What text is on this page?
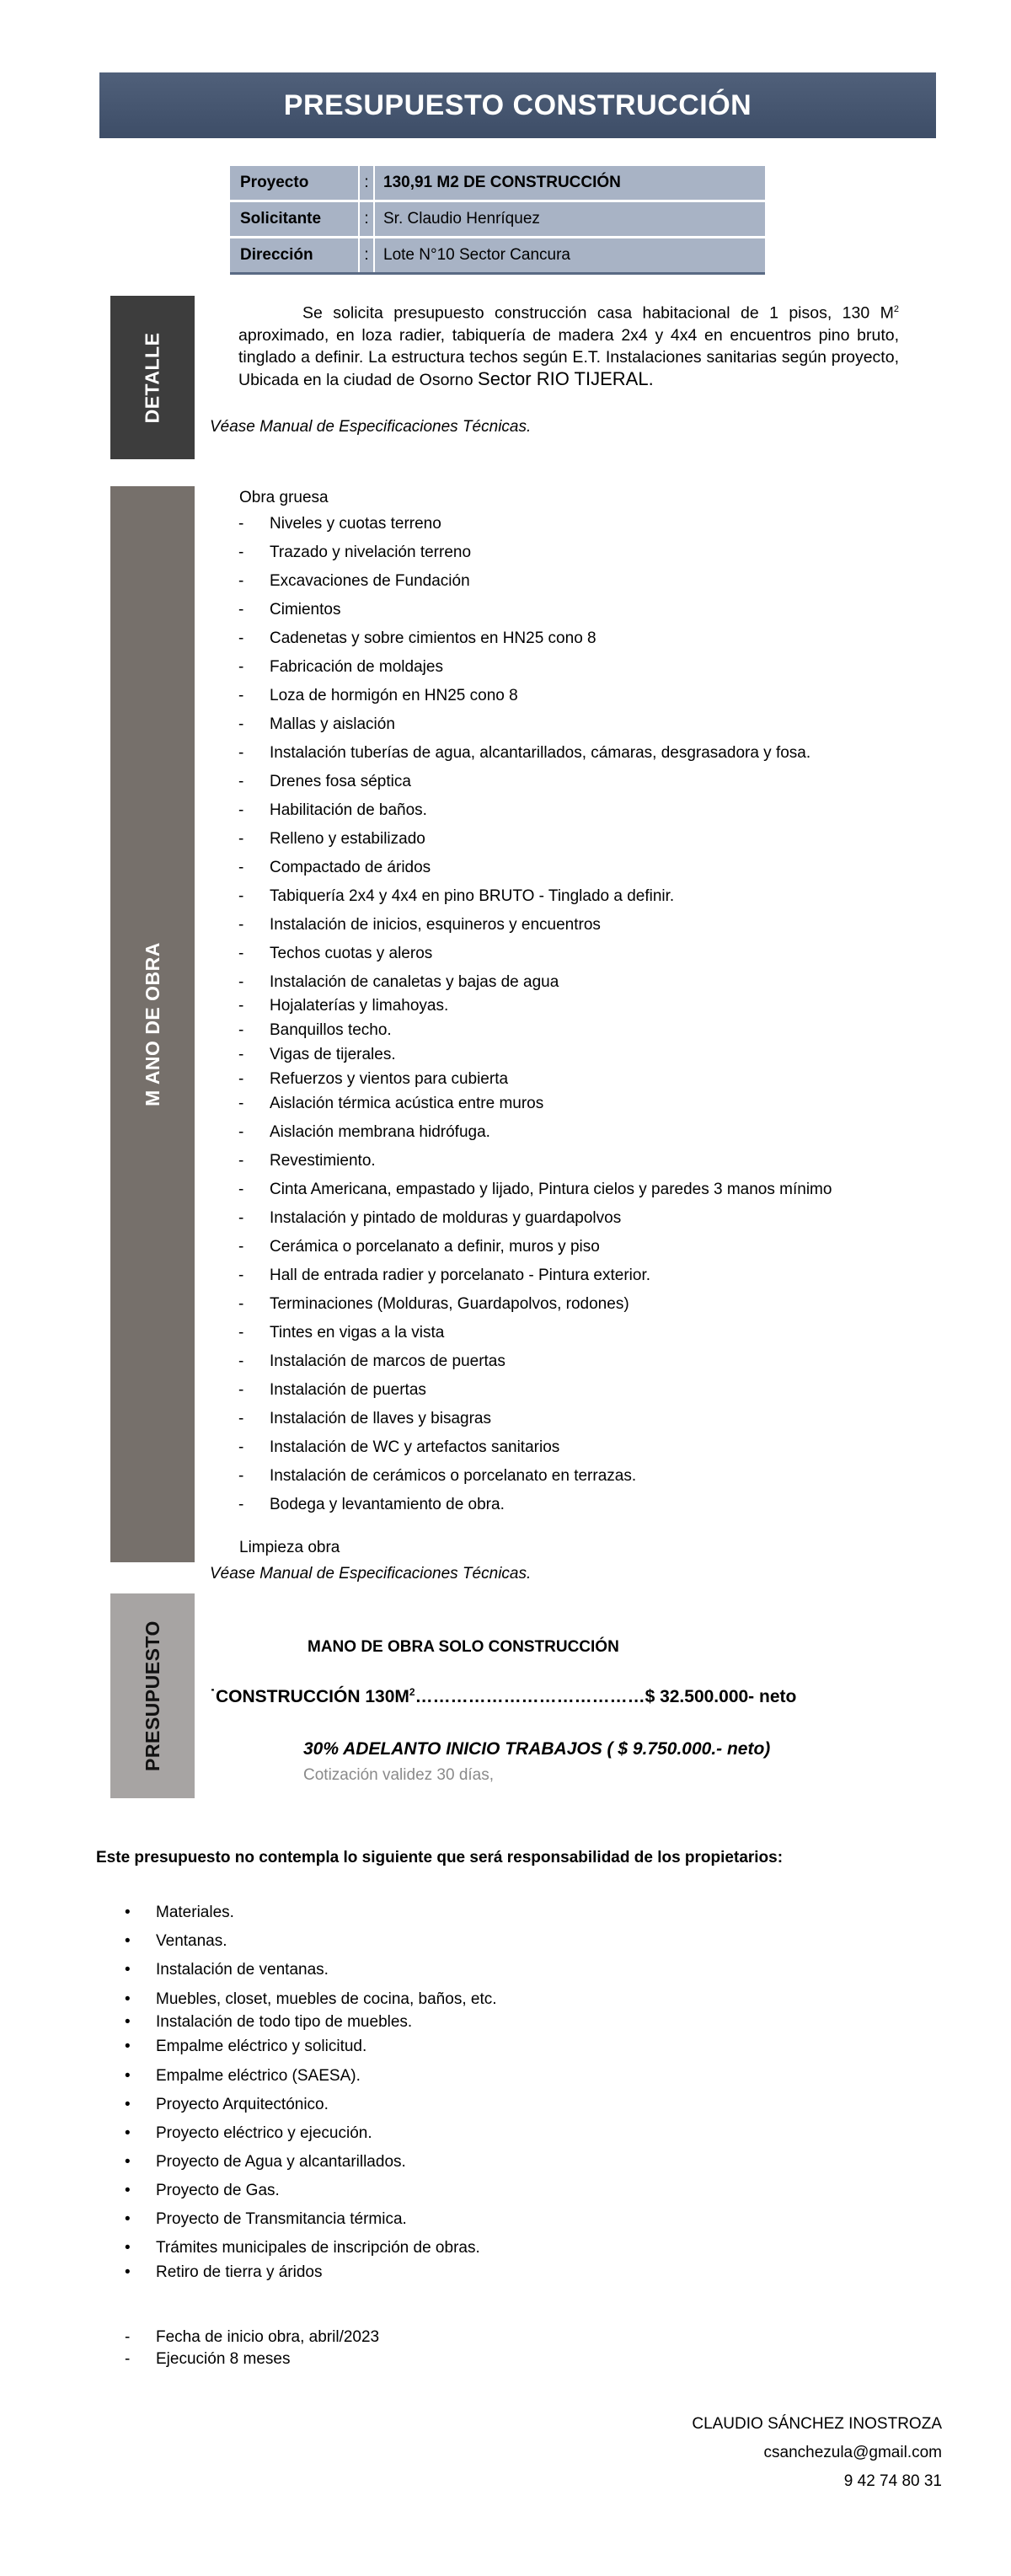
PRESUPUESTO CONSTRUCCIÓN
Proyecto	:	130,91 M2 DE CONSTRUCCIÓN
Solicitante	:	Sr. Claudio Henríquez
Dirección	:	Lote N°10 Sector Cancura
DETALLE
Se solicita presupuesto construcción casa habitacional de 1 pisos, 130 $M^2$ aproximado, en loza radier, tabiquería de madera 2x4 y 4x4 en encuentros pino bruto, tinglado a definir. La estructura techos según E.T. Instalaciones sanitarias según proyecto, Ubicada en la ciudad de Osorno Sector RIO TIJERAL.
Véase Manual de Especificaciones Técnicas.
M ANO DE OBRA
Obra gruesa
- Niveles y cuotas terreno
- Trazado y nivelación terreno
- Excavaciones de Fundación
- Cimientos
- Cadenetas y sobre cimientos en HN25 cono 8
- Fabricación de moldajes
- Loza de hormigón en HN25 cono 8
- Mallas y aislación
- Instalación tuberías de agua, alcantarillados, cámaras, desgrasadora y fosa.
- Drenes fosa séptica
- Habilitación de baños.
- Relleno y estabilizado
- Compactado de áridos
- Tabiquería 2x4 y 4x4 en pino BRUTO - Tinglado a definir.
- Instalación de inicios, esquineros y encuentros
- Techos cuotas y aleros
- Instalación de canaletas y bajas de agua
- Hojalaterías y limahoyas.
- Banquillos techo.
- Vigas de tijerales.
- Refuerzos y vientos para cubierta
- Aislación térmica acústica entre muros
- Aislación membrana hidrófuga.
- Revestimiento.
- Cinta Americana, empastado y lijado, Pintura cielos y paredes 3 manos mínimo
- Instalación y pintado de molduras y guardapolvos
- Cerámica o porcelanato a definir, muros y piso
- Hall de entrada radier y porcelanato - Pintura exterior.
- Terminaciones (Molduras, Guardapolvos, rodones)
- Tintes en vigas a la vista
- Instalación de marcos de puertas
- Instalación de puertas
- Instalación de llaves y bisagras
- Instalación de WC y artefactos sanitarios
- Instalación de cerámicos o porcelanato en terrazas.
- Bodega y levantamiento de obra.
Limpieza obra
Véase Manual de Especificaciones Técnicas.
PRESUPUESTO	MANO DE OBRA SOLO CONSTRUCCIÓN
˙CONSTRUCCIÓN $130M^2\dots\dots\dots\dots\dots\dots\dots\dots\dots\dots\dots\dots\dots\$$ 32.500.000- neto
30% ADELANTO INICIO TRABAJOS ( $ 9.750.000.- neto)
Cotización validez 30 días,
Este presupuesto no contempla lo siguiente que será responsabilidad de los propietarios:
• Materiales.
• Ventanas.
• Instalación de ventanas.
• Muebles, closet, muebles de cocina, baños, etc.
• Instalación de todo tipo de muebles.
• Empalme eléctrico y solicitud.
• Empalme eléctrico (SAESA).
• Proyecto Arquitectónico.
• Proyecto eléctrico y ejecución.
• Proyecto de Agua y alcantarillados.
• Proyecto de Gas.
• Proyecto de Transmitancia térmica.
• Trámites municipales de inscripción de obras.
• Retiro de tierra y áridos
- Fecha de inicio obra, abril/2023
- Ejecución 8 meses
CLAUDIO SÁNCHEZ INOSTROZA
csanchezula@gmail.com
9 42 74 80 31
